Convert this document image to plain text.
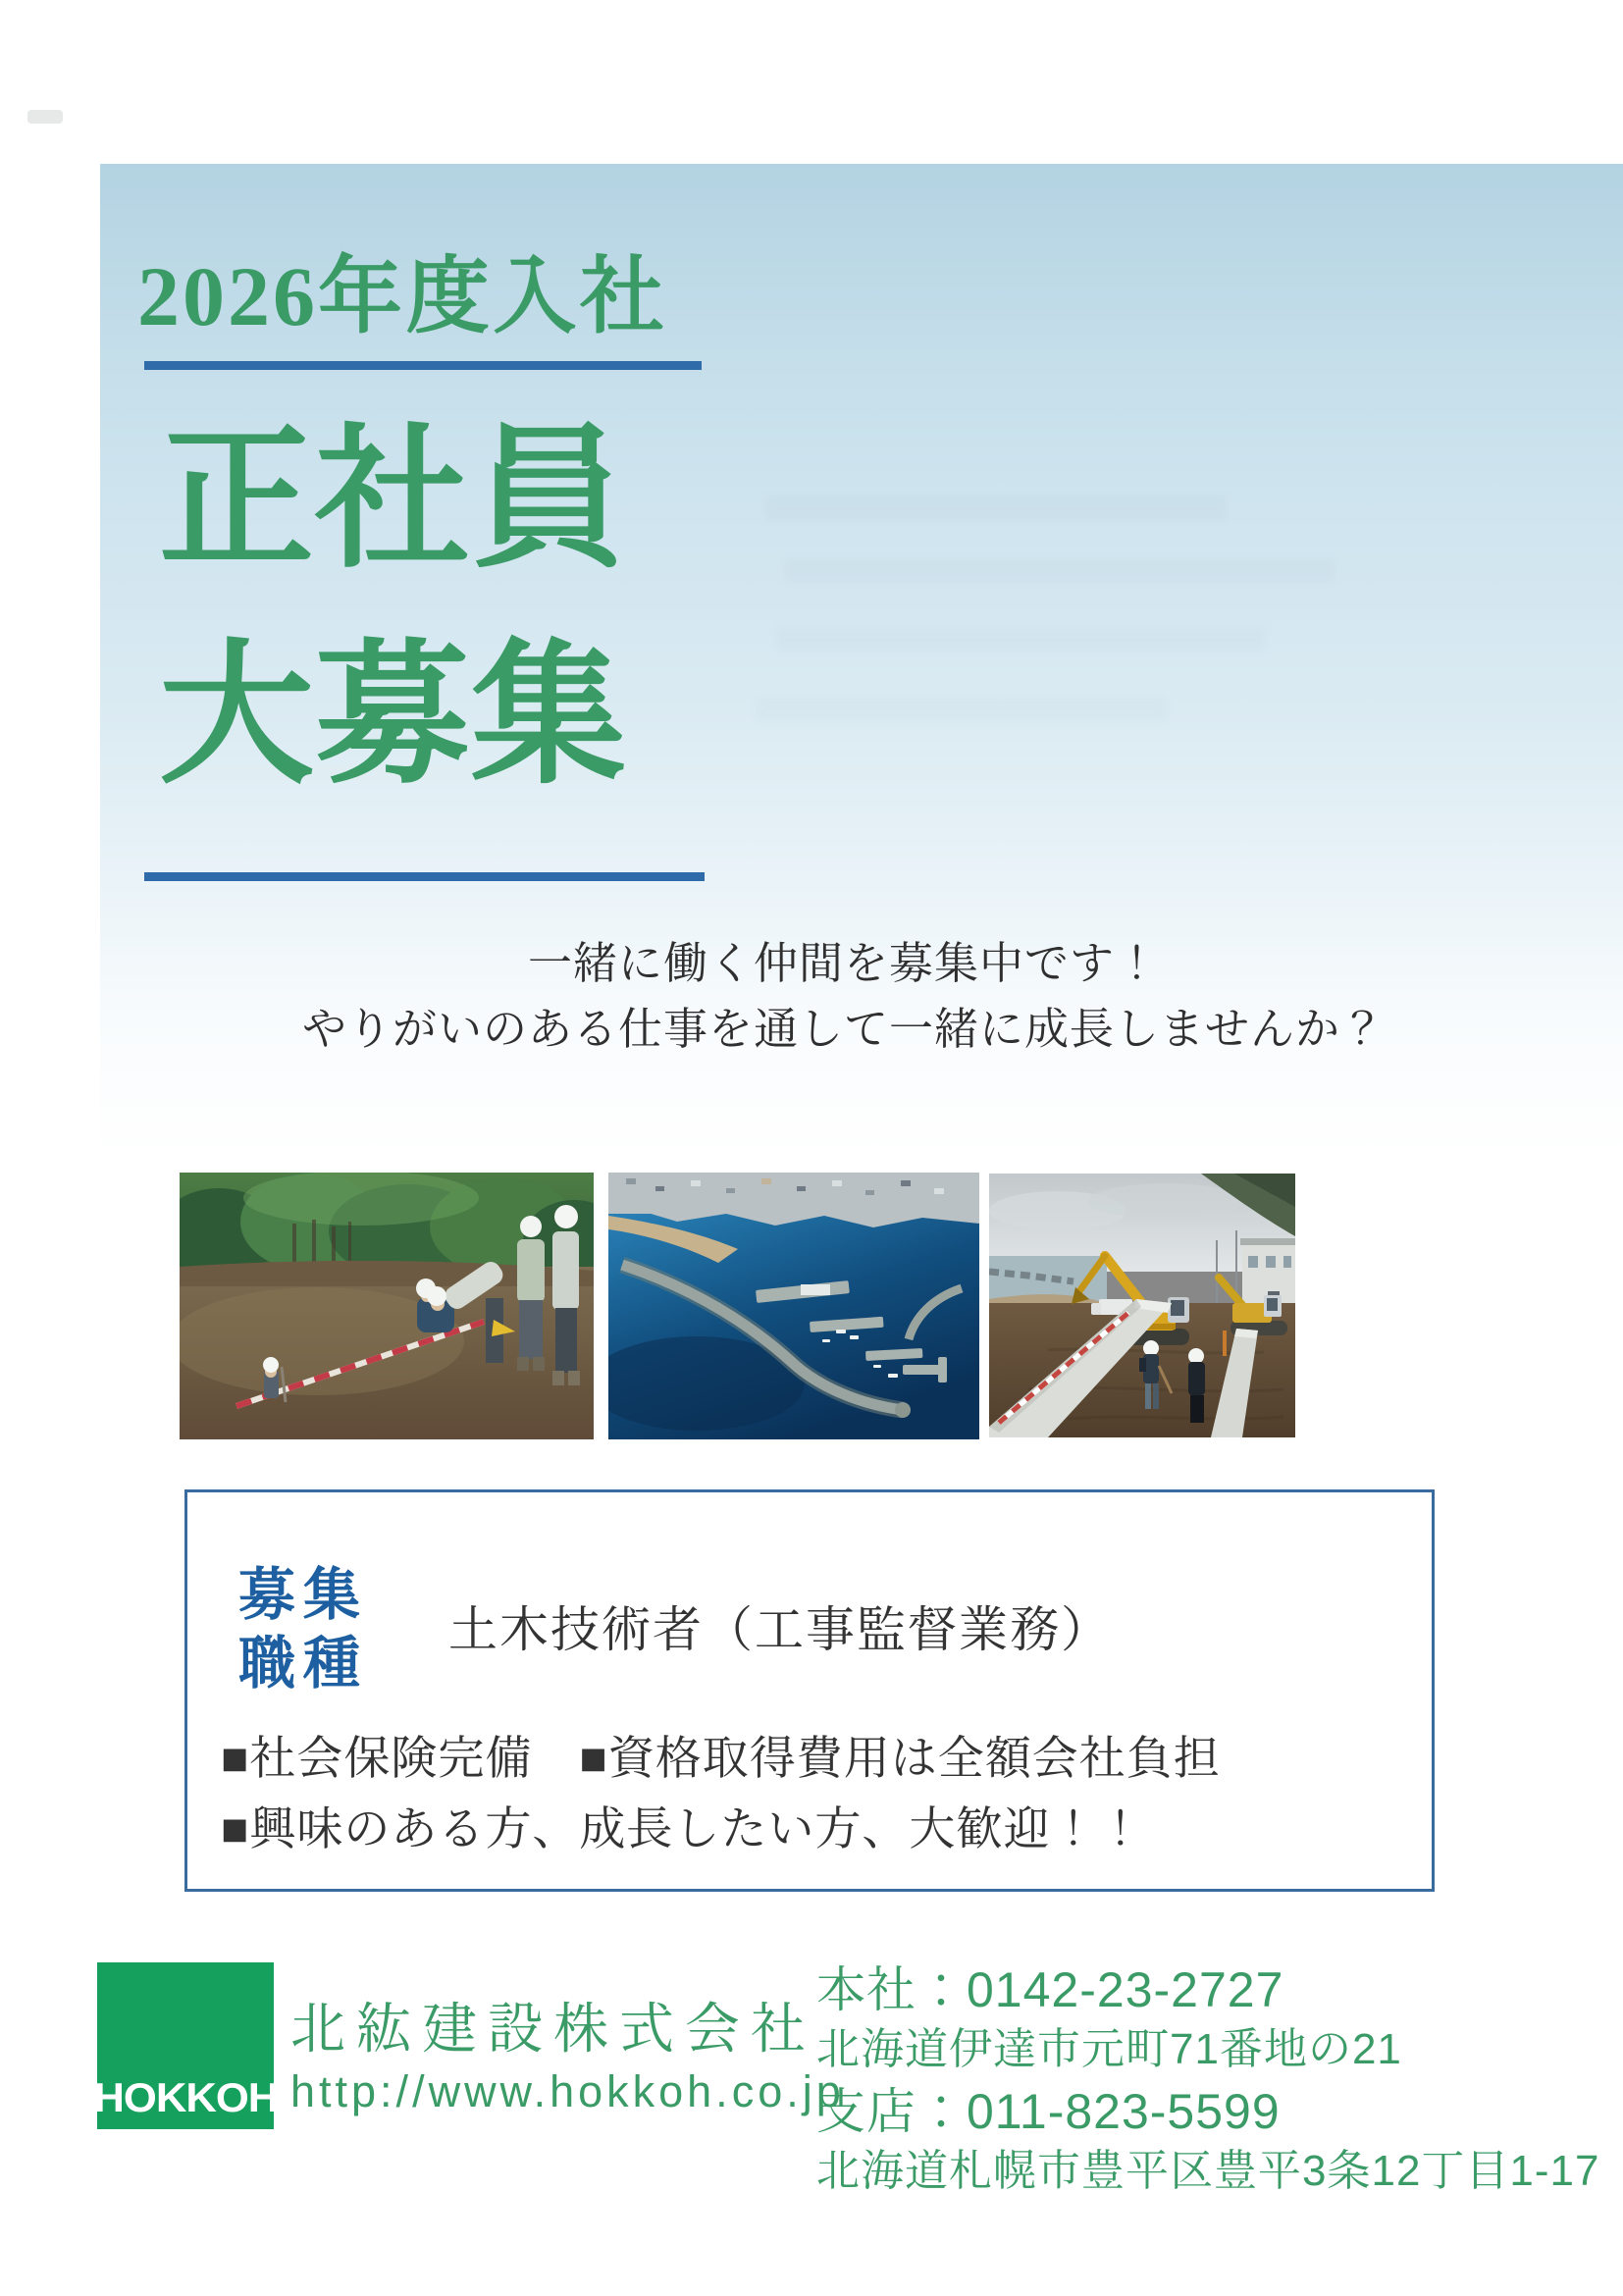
2026年度入社
正社員
大募集
一緒に働く仲間を募集中です！
やりがいのある仕事を通して一緒に成長しませんか？
募集
職種
土木技術者（工事監督業務）
■社会保険完備　■資格取得費用は全額会社負担
■興味のある方、成長したい方、大歓迎！！
HOKKOH
北紘建設株式会社
http://www.hokkoh.co.jp
本社：0142-23-2727
北海道伊達市元町71番地の21
支店：011-823-5599
北海道札幌市豊平区豊平3条12丁目1-17
